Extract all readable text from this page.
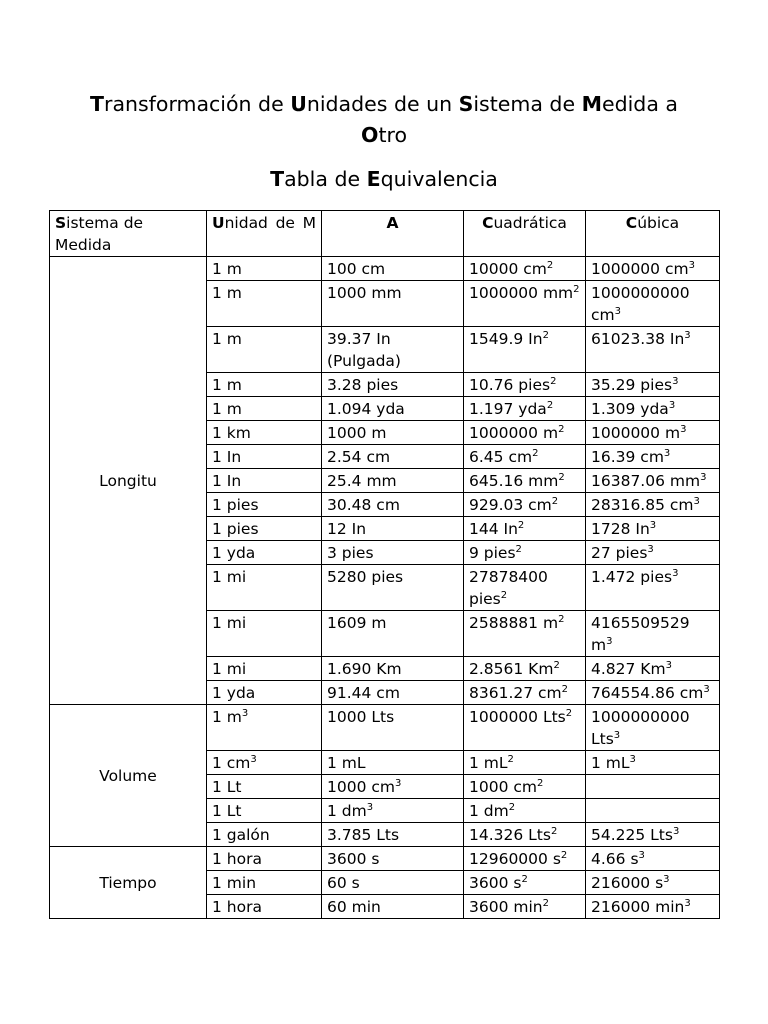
Transformación de Unidades de un Sistema de Medida a
Otro
Tabla de Equivalencia
Sistema de Medida	Unidad de M	A	Cuadrática	Cúbica
Longitu	1 m	100 cm	10000 $cm^2$	1000000 $cm^3$
	1 m	1000 mm	1000000 $mm^2$	1000000000 $cm^3$
	1 m	39.37 In (Pulgada)	1549.9 In$^2$	61023.38 In$^3$
	1 m	3.28 pies	10.76 pies$^2$	35.29 pies$^3$
	1 m	1.094 yda	1.197 yda$^2$	1.309 yda$^3$
	1 km	1000 m	1000000 $m^2$	1000000 $m^3$
	1 In	2.54 cm	6.45 $cm^2$	16.39 $cm^3$
	1 In	25.4 mm	645.16 $mm^2$	16387.06 $mm^3$
	1 pies	30.48 cm	929.03 $cm^2$	28316.85 $cm^3$
	1 pies	12 In	144 In$^2$	1728 In$^3$
	1 yda	3 pies	9 pies$^2$	27 pies$^3$
	1 mi	5280 pies	27878400 pies$^2$	1.472 pies$^3$
	1 mi	1609 m	2588881 $m^2$	4165509529 $m^3$
	1 mi	1.690 Km	2.8561 Km$^2$	4.827 Km$^3$
	1 yda	91.44 cm	8361.27 $cm^2$	764554.86 $cm^3$
Volume	1 $m^3$	1000 Lts	1000000 Lts$^2$	1000000000 Lts$^3$
	1 $cm^3$	1 mL	1 $mL^2$	1 $mL^3$
	1 Lt	1000 $cm^3$	1000 $cm^2$	
	1 Lt	1 $dm^3$	1 $dm^2$	
	1 galón	3.785 Lts	14.326 Lts$^2$	54.225 Lts$^3$
Tiempo	1 hora	3600 s	12960000 $s^2$	4.66 $s^3$
	1 min	60 s	3600 $s^2$	216000 $s^3$
	1 hora	60 min	3600 $\min^2$	216000 $\min^3$
